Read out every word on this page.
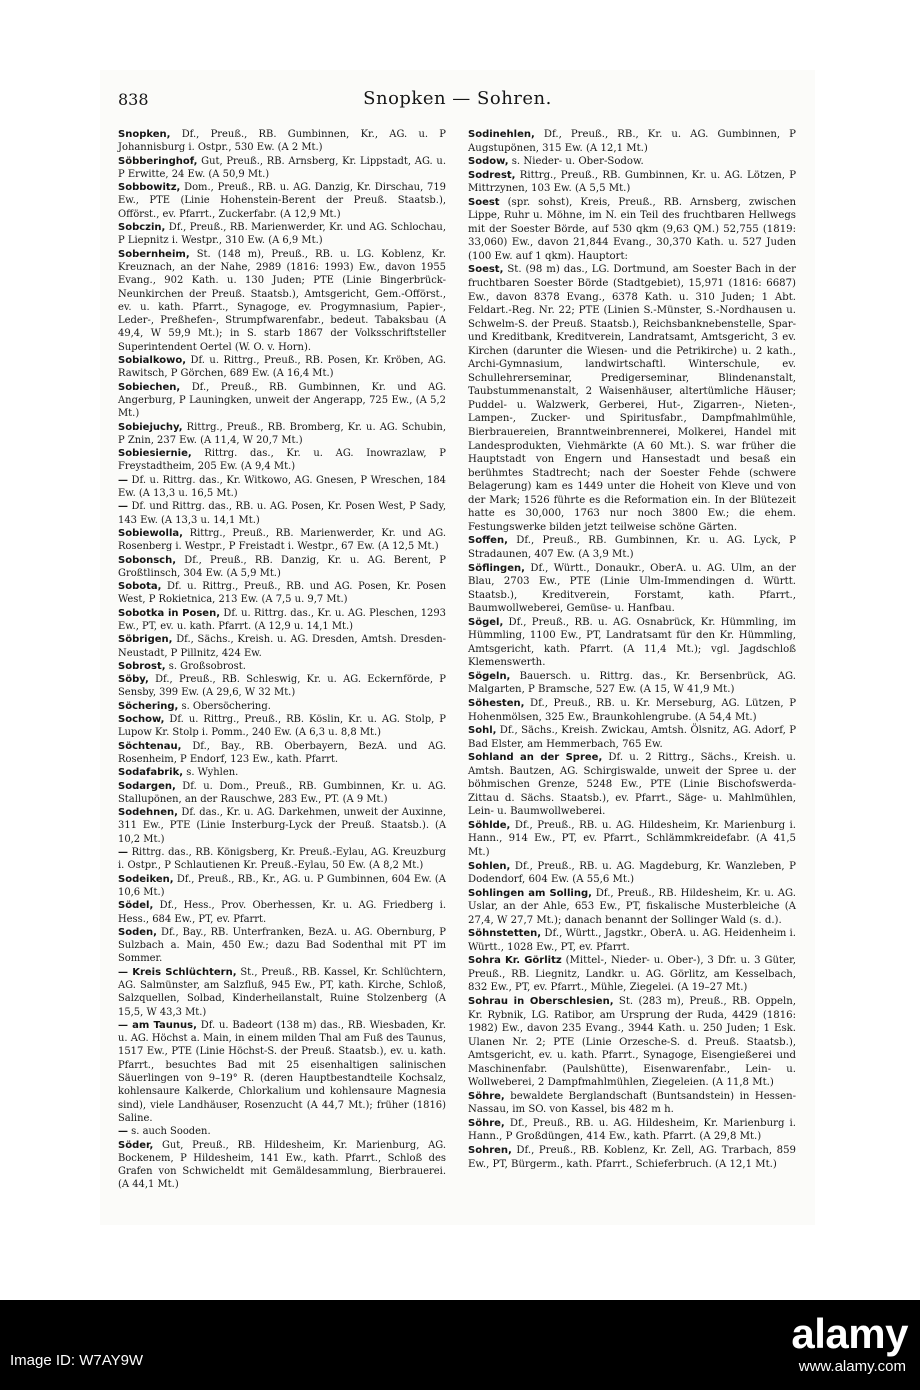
838	Snopken — Sohren.

Snopken, Df., Preuß., RB. Gumbinnen, Kr., AG. u. P Johannisburg i. Ostpr., 530 Ew. (A 2 Mt.)

Söbberinghof, Gut, Preuß., RB. Arnsberg, Kr. Lippstadt, AG. u. P Erwitte, 24 Ew. (A 50,9 Mt.)

Sobbowitz, Dom., Preuß., RB. u. AG. Danzig, Kr. Dirschau, 719 Ew., PTE (Linie Hohenstein-Berent der Preuß. Staatsb.), Offörst., ev. Pfarrt., Zuckerfabr. (A 12,9 Mt.)

Sobczin, Df., Preuß., RB. Marienwerder, Kr. und AG. Schlochau, P Liepnitz i. Westpr., 310 Ew. (A 6,9 Mt.)

Sobernheim, St. (148 m), Preuß., RB. u. LG. Koblenz, Kr. Kreuznach, an der Nahe, 2989 (1816: 1993) Ew., davon 1955 Evang., 902 Kath. u. 130 Juden; PTE (Linie Bingerbrück-Neunkirchen der Preuß. Staatsb.), Amtsgericht, Gem.-Offörst., ev. u. kath. Pfarrt., Synagoge, ev. Progymnasium, Papier-, Leder-, Preßhefen-, Strumpfwarenfabr., bedeut. Tabaksbau (A 49,4, W 59,9 Mt.); in S. starb 1867 der Volksschriftsteller Superintendent Oertel (W. O. v. Horn).

Sobialkowo, Df. u. Rittrg., Preuß., RB. Posen, Kr. Kröben, AG. Rawitsch, P Görchen, 689 Ew. (A 16,4 Mt.)

Sobiechen, Df., Preuß., RB. Gumbinnen, Kr. und AG. Angerburg, P Launingken, unweit der Angerapp, 725 Ew., (A 5,2 Mt.)

Sobiejuchy, Rittrg., Preuß., RB. Bromberg, Kr. u. AG. Schubin, P Znin, 237 Ew. (A 11,4, W 20,7 Mt.)

Sobiesiernie, Rittrg. das., Kr. u. AG. Inowrazlaw, P Freystadtheim, 205 Ew. (A 9,4 Mt.)

— Df. u. Rittrg. das., Kr. Witkowo, AG. Gnesen, P Wreschen, 184 Ew. (A 13,3 u. 16,5 Mt.)

— Df. und Rittrg. das., RB. u. AG. Posen, Kr. Posen West, P Sady, 143 Ew. (A 13,3 u. 14,1 Mt.)

Sobiewolla, Rittrg., Preuß., RB. Marienwerder, Kr. und AG. Rosenberg i. Westpr., P Freistadt i. Westpr., 67 Ew. (A 12,5 Mt.)

Sobonsch, Df., Preuß., RB. Danzig, Kr. u. AG. Berent, P Großtlinsch, 304 Ew. (A 5,9 Mt.)

Sobota, Df. u. Rittrg., Preuß., RB. und AG. Posen, Kr. Posen West, P Rokietnica, 213 Ew. (A 7,5 u. 9,7 Mt.)

Sobotka in Posen, Df. u. Rittrg. das., Kr. u. AG. Pleschen, 1293 Ew., PT, ev. u. kath. Pfarrt. (A 12,9 u. 14,1 Mt.)

Söbrigen, Df., Sächs., Kreish. u. AG. Dresden, Amtsh. Dresden-Neustadt, P Pillnitz, 424 Ew.

Sobrost, s. Großsobrost.

Söby, Df., Preuß., RB. Schleswig, Kr. u. AG. Eckernförde, P Sensby, 399 Ew. (A 29,6, W 32 Mt.)

Söchering, s. Obersöchering.

Sochow, Df. u. Rittrg., Preuß., RB. Köslin, Kr. u. AG. Stolp, P Lupow Kr. Stolp i. Pomm., 240 Ew. (A 6,3 u. 8,8 Mt.)

Söchtenau, Df., Bay., RB. Oberbayern, BezA. und AG. Rosenheim, P Endorf, 123 Ew., kath. Pfarrt.

Sodafabrik, s. Wyhlen.

Sodargen, Df. u. Dom., Preuß., RB. Gumbinnen, Kr. u. AG. Stallupönen, an der Rauschwe, 283 Ew., PT. (A 9 Mt.)

Sodehnen, Df. das., Kr. u. AG. Darkehmen, unweit der Auxinne, 311 Ew., PTE (Linie Insterburg-Lyck der Preuß. Staatsb.). (A 10,2 Mt.)

— Rittrg. das., RB. Königsberg, Kr. Preuß.-Eylau, AG. Kreuzburg i. Ostpr., P Schlautienen Kr. Preuß.-Eylau, 50 Ew. (A 8,2 Mt.)

Sodeiken, Df., Preuß., RB., Kr., AG. u. P Gumbinnen, 604 Ew. (A 10,6 Mt.)

Södel, Df., Hess., Prov. Oberhessen, Kr. u. AG. Friedberg i. Hess., 684 Ew., PT, ev. Pfarrt.

Soden, Df., Bay., RB. Unterfranken, BezA. u. AG. Obernburg, P Sulzbach a. Main, 450 Ew.; dazu Bad Sodenthal mit PT im Sommer.

— Kreis Schlüchtern, St., Preuß., RB. Kassel, Kr. Schlüchtern, AG. Salmünster, am Salzfluß, 945 Ew., PT, kath. Kirche, Schloß, Salzquellen, Solbad, Kinderheilanstalt, Ruine Stolzenberg (A 15,5, W 43,3 Mt.)

— am Taunus, Df. u. Badeort (138 m) das., RB. Wiesbaden, Kr. u. AG. Höchst a. Main, in einem milden Thal am Fuß des Taunus, 1517 Ew., PTE (Linie Höchst-S. der Preuß. Staatsb.), ev. u. kath. Pfarrt., besuchtes Bad mit 25 eisenhaltigen salinischen Säuerlingen von 9–19° R. (deren Hauptbestandteile Kochsalz, kohlensaure Kalkerde, Chlorkalium und kohlensaure Magnesia sind), viele Landhäuser, Rosenzucht (A 44,7 Mt.); früher (1816) Saline.

— s. auch Sooden.

Söder, Gut, Preuß., RB. Hildesheim, Kr. Marienburg, AG. Bockenem, P Hildesheim, 141 Ew., kath. Pfarrt., Schloß des Grafen von Schwicheldt mit Gemäldesammlung, Bierbrauerei. (A 44,1 Mt.)

Sodinehlen, Df., Preuß., RB., Kr. u. AG. Gumbinnen, P Augstupönen, 315 Ew. (A 12,1 Mt.)

Sodow, s. Nieder- u. Ober-Sodow.

Sodrest, Rittrg., Preuß., RB. Gumbinnen, Kr. u. AG. Lötzen, P Mittrzynen, 103 Ew. (A 5,5 Mt.)

Soest (spr. sohst), Kreis, Preuß., RB. Arnsberg, zwischen Lippe, Ruhr u. Möhne, im N. ein Teil des fruchtbaren Hellwegs mit der Soester Börde, auf 530 qkm (9,63 QM.) 52,755 (1819: 33,060) Ew., davon 21,844 Evang., 30,370 Kath. u. 527 Juden (100 Ew. auf 1 qkm). Hauptort:

Soest, St. (98 m) das., LG. Dortmund, am Soester Bach in der fruchtbaren Soester Börde (Stadtgebiet), 15,971 (1816: 6687) Ew., davon 8378 Evang., 6378 Kath. u. 310 Juden; 1 Abt. Feldart.-Reg. Nr. 22; PTE (Linien S.-Münster, S.-Nordhausen u. Schwelm-S. der Preuß. Staatsb.), Reichsbanknebenstelle, Spar- und Kreditbank, Kreditverein, Landratsamt, Amtsgericht, 3 ev. Kirchen (darunter die Wiesen- und die Petrikirche) u. 2 kath., Archi-Gymnasium, landwirtschaftl. Winterschule, ev. Schullehrerseminar, Predigerseminar, Blindenanstalt, Taubstummenanstalt, 2 Waisenhäuser, altertümliche Häuser; Puddel- u. Walzwerk, Gerberei, Hut-, Zigarren-, Nieten-, Lampen-, Zucker- und Spiritusfabr., Dampfmahlmühle, Bierbrauereien, Branntweinbrennerei, Molkerei, Handel mit Landesprodukten, Viehmärkte (A 60 Mt.). S. war früher die Hauptstadt von Engern und Hansestadt und besaß ein berühmtes Stadtrecht; nach der Soester Fehde (schwere Belagerung) kam es 1449 unter die Hoheit von Kleve und von der Mark; 1526 führte es die Reformation ein. In der Blütezeit hatte es 30,000, 1763 nur noch 3800 Ew.; die ehem. Festungswerke bilden jetzt teilweise schöne Gärten.

Soffen, Df., Preuß., RB. Gumbinnen, Kr. u. AG. Lyck, P Stradaunen, 407 Ew. (A 3,9 Mt.)

Söflingen, Df., Württ., Donaukr., OberA. u. AG. Ulm, an der Blau, 2703 Ew., PTE (Linie Ulm-Immendingen d. Württ. Staatsb.), Kreditverein, Forstamt, kath. Pfarrt., Baumwollweberei, Gemüse- u. Hanfbau.

Sögel, Df., Preuß., RB. u. AG. Osnabrück, Kr. Hümmling, im Hümmling, 1100 Ew., PT, Landratsamt für den Kr. Hümmling, Amtsgericht, kath. Pfarrt. (A 11,4 Mt.); vgl. Jagdschloß Klemenswerth.

Sögeln, Bauersch. u. Rittrg. das., Kr. Bersenbrück, AG. Malgarten, P Bramsche, 527 Ew. (A 15, W 41,9 Mt.)

Söhesten, Df., Preuß., RB. u. Kr. Merseburg, AG. Lützen, P Hohenmölsen, 325 Ew., Braunkohlengrube. (A 54,4 Mt.)

Sohl, Df., Sächs., Kreish. Zwickau, Amtsh. Ölsnitz, AG. Adorf, P Bad Elster, am Hemmerbach, 765 Ew.

Sohland an der Spree, Df. u. 2 Rittrg., Sächs., Kreish. u. Amtsh. Bautzen, AG. Schirgiswalde, unweit der Spree u. der böhmischen Grenze, 5248 Ew., PTE (Linie Bischofswerda-Zittau d. Sächs. Staatsb.), ev. Pfarrt., Säge- u. Mahlmühlen, Lein- u. Baumwollweberei.

Söhlde, Df., Preuß., RB. u. AG. Hildesheim, Kr. Marienburg i. Hann., 914 Ew., PT, ev. Pfarrt., Schlämmkreidefabr. (A 41,5 Mt.)

Sohlen, Df., Preuß., RB. u. AG. Magdeburg, Kr. Wanzleben, P Dodendorf, 604 Ew. (A 55,6 Mt.)

Sohlingen am Solling, Df., Preuß., RB. Hildesheim, Kr. u. AG. Uslar, an der Ahle, 653 Ew., PT, fiskalische Musterbleiche (A 27,4, W 27,7 Mt.); danach benannt der Sollinger Wald (s. d.).

Söhnstetten, Df., Württ., Jagstkr., OberA. u. AG. Heidenheim i. Württ., 1028 Ew., PT, ev. Pfarrt.

Sohra Kr. Görlitz (Mittel-, Nieder- u. Ober-), 3 Dfr. u. 3 Güter, Preuß., RB. Liegnitz, Landkr. u. AG. Görlitz, am Kesselbach, 832 Ew., PT, ev. Pfarrt., Mühle, Ziegelei. (A 19–27 Mt.)

Sohrau in Oberschlesien, St. (283 m), Preuß., RB. Oppeln, Kr. Rybnik, LG. Ratibor, am Ursprung der Ruda, 4429 (1816: 1982) Ew., davon 235 Evang., 3944 Kath. u. 250 Juden; 1 Esk. Ulanen Nr. 2; PTE (Linie Orzesche-S. d. Preuß. Staatsb.), Amtsgericht, ev. u. kath. Pfarrt., Synagoge, Eisengießerei und Maschinenfabr. (Paulshütte), Eisenwarenfabr., Lein- u. Wollweberei, 2 Dampfmahlmühlen, Ziegeleien. (A 11,8 Mt.)

Söhre, bewaldete Berglandschaft (Buntsandstein) in Hessen-Nassau, im SO. von Kassel, bis 482 m h.

Söhre, Df., Preuß., RB. u. AG. Hildesheim, Kr. Marienburg i. Hann., P Großdüngen, 414 Ew., kath. Pfarrt. (A 29,8 Mt.)

Sohren, Df., Preuß., RB. Koblenz, Kr. Zell, AG. Trarbach, 859 Ew., PT, Bürgerm., kath. Pfarrt., Schieferbruch. (A 12,1 Mt.)

alamy
Image ID: W7AY9W	www.alamy.com
